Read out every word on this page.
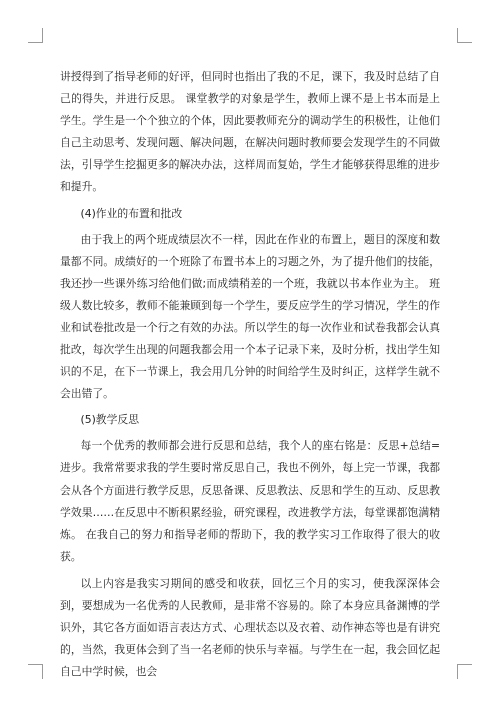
讲授得到了指导老师的好评，但同时也指出了我的不足，课下，我及时总结了自己的得失，并进行反思。 课堂教学的对象是学生，教师上课不是上书本而是上学生。学生是一个个独立的个体，因此要教师充分的调动学生的积极性，让他们自己主动思考、发现问题、解决问题，在解决问题时教师要会发现学生的不同做法，引导学生挖掘更多的解决办法，这样周而复始，学生才能够获得思维的进步和提升。

(4)作业的布置和批改

由于我上的两个班成绩层次不一样，因此在作业的布置上，题目的深度和数量都不同。成绩好的一个班除了布置书本上的习题之外，为了提升他们的技能，我还抄一些课外练习给他们做;而成绩稍差的一个班，我就以书本作业为主。 班级人数比较多，教师不能兼顾到每一个学生，要反应学生的学习情况，学生的作业和试卷批改是一个行之有效的办法。所以学生的每一次作业和试卷我都会认真批改，每次学生出现的问题我都会用一个本子记录下来，及时分析，找出学生知识的不足，在下一节课上，我会用几分钟的时间给学生及时纠正，这样学生就不会出错了。

(5)教学反思

每一个优秀的教师都会进行反思和总结，我个人的座右铭是：反思+总结=进步。我常常要求我的学生要时常反思自己，我也不例外，每上完一节课，我都会从各个方面进行教学反思，反思备课、反思教法、反思和学生的互动、反思教学效果……在反思中不断积累经验，研究课程，改进教学方法，每堂课都饱满精炼。 在我自己的努力和指导老师的帮助下，我的教学实习工作取得了很大的收获。

以上内容是我实习期间的感受和收获，回忆三个月的实习，使我深深体会到，要想成为一名优秀的人民教师，是非常不容易的。除了本身应具备渊博的学识外，其它各方面如语言表达方式、心理状态以及衣着、动作神态等也是有讲究的，当然，我更体会到了当一名老师的快乐与幸福。与学生在一起，我会回忆起自己中学时候，也会
